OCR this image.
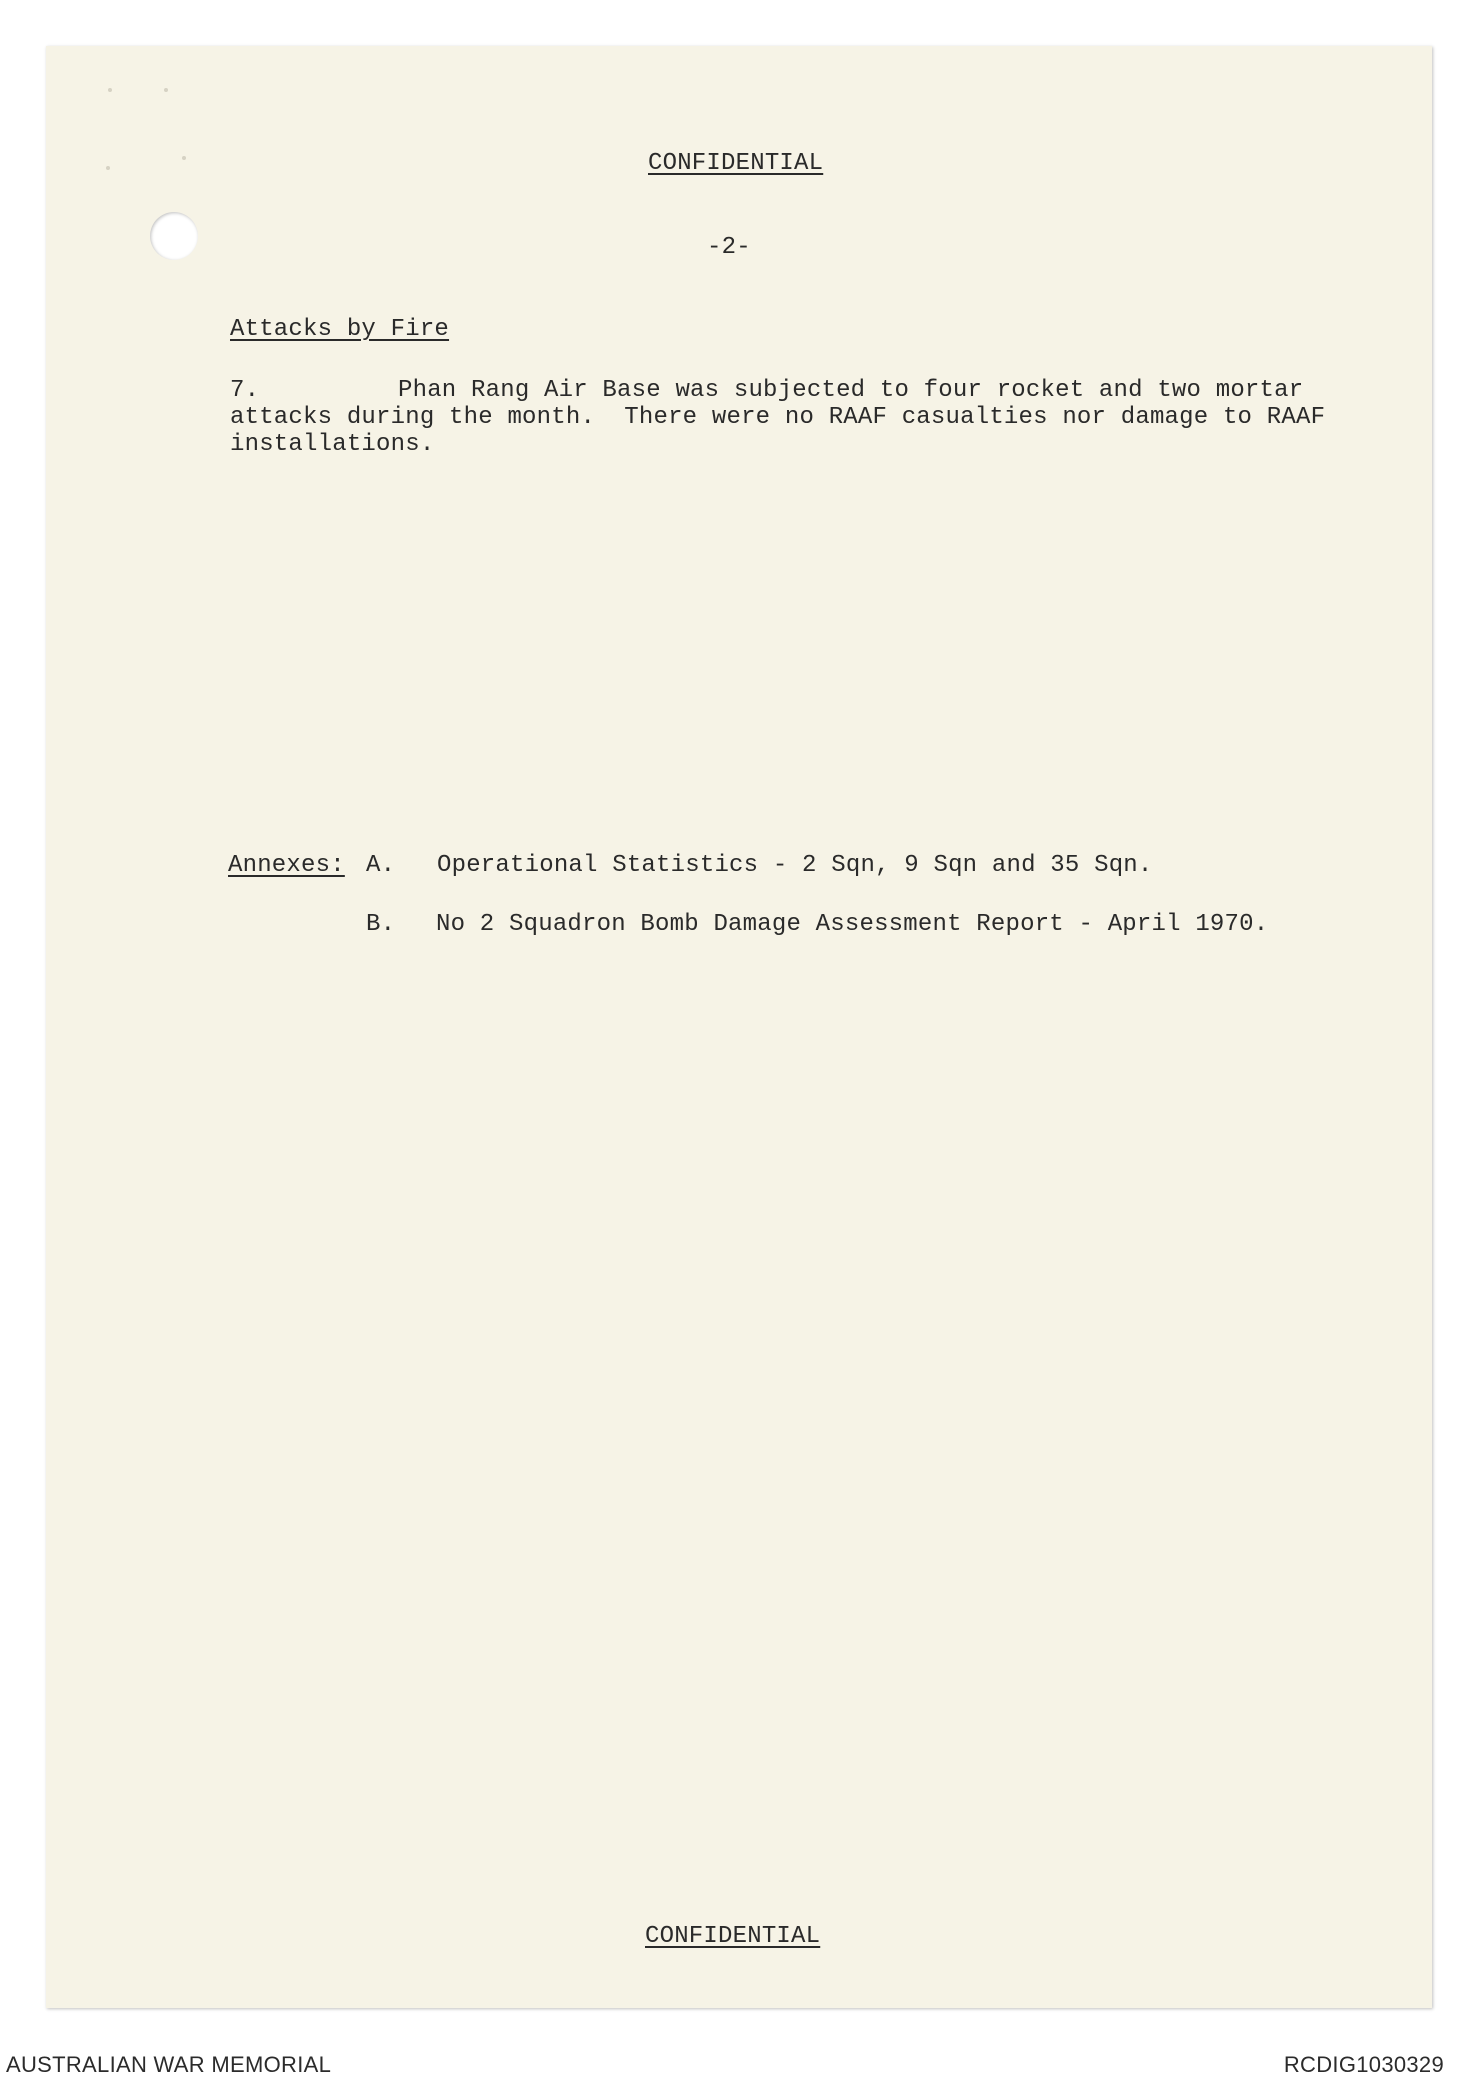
CONFIDENTIAL
-2-
Attacks by Fire
7.	Phan Rang Air Base was subjected to four rocket and two mortar
attacks during the month.  There were no RAAF casualties nor damage to RAAF
installations.
Annexes: A. Operational Statistics - 2 Sqn, 9 Sqn and 35 Sqn.
B. No 2 Squadron Bomb Damage Assessment Report - April 1970.
CONFIDENTIAL
AUSTRALIAN WAR MEMORIAL	RCDIG1030329
